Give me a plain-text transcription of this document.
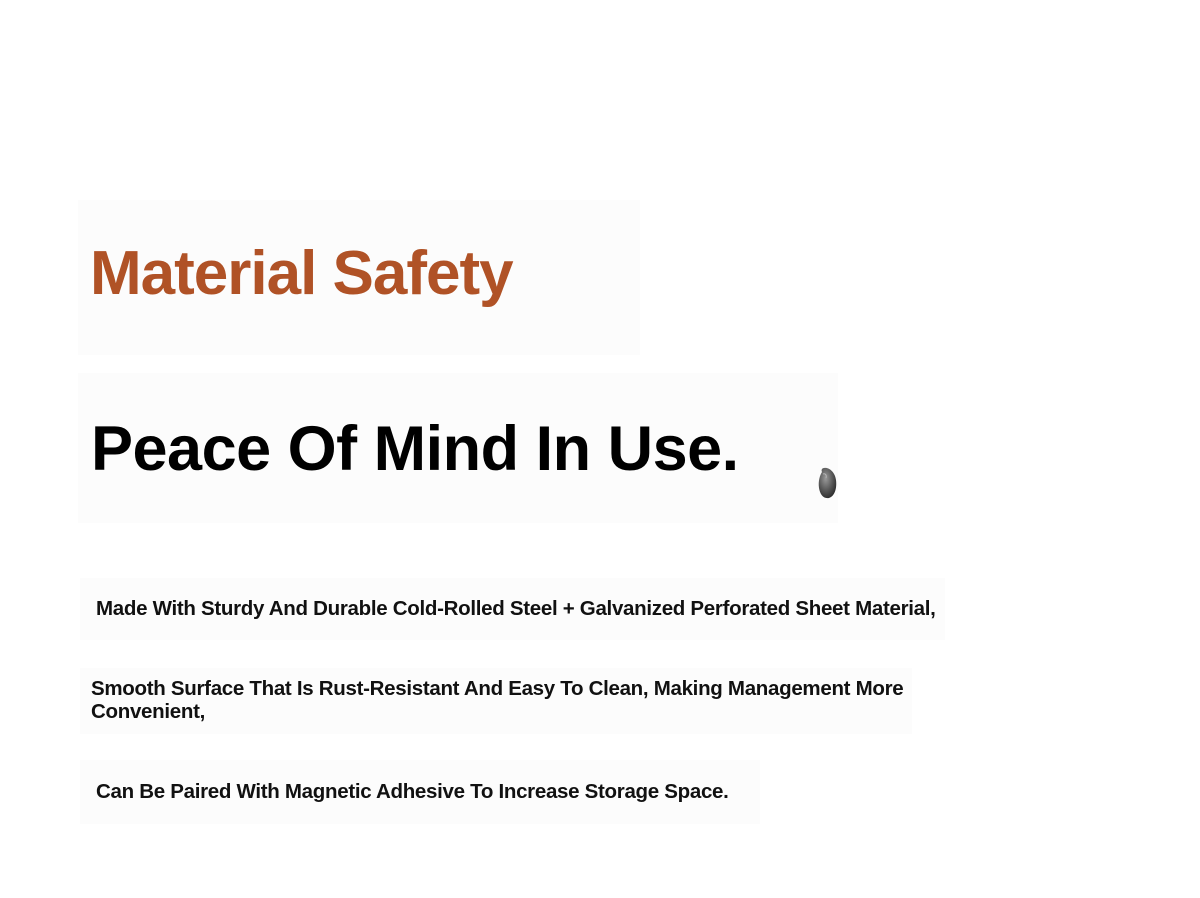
Material Safety
Peace Of Mind In Use.

Made With Sturdy And Durable Cold-Rolled Steel + Galvanized Perforated Sheet Material,

Smooth Surface That Is Rust-Resistant And Easy To Clean, Making Management More Convenient,

Can Be Paired With Magnetic Adhesive To Increase Storage Space.
